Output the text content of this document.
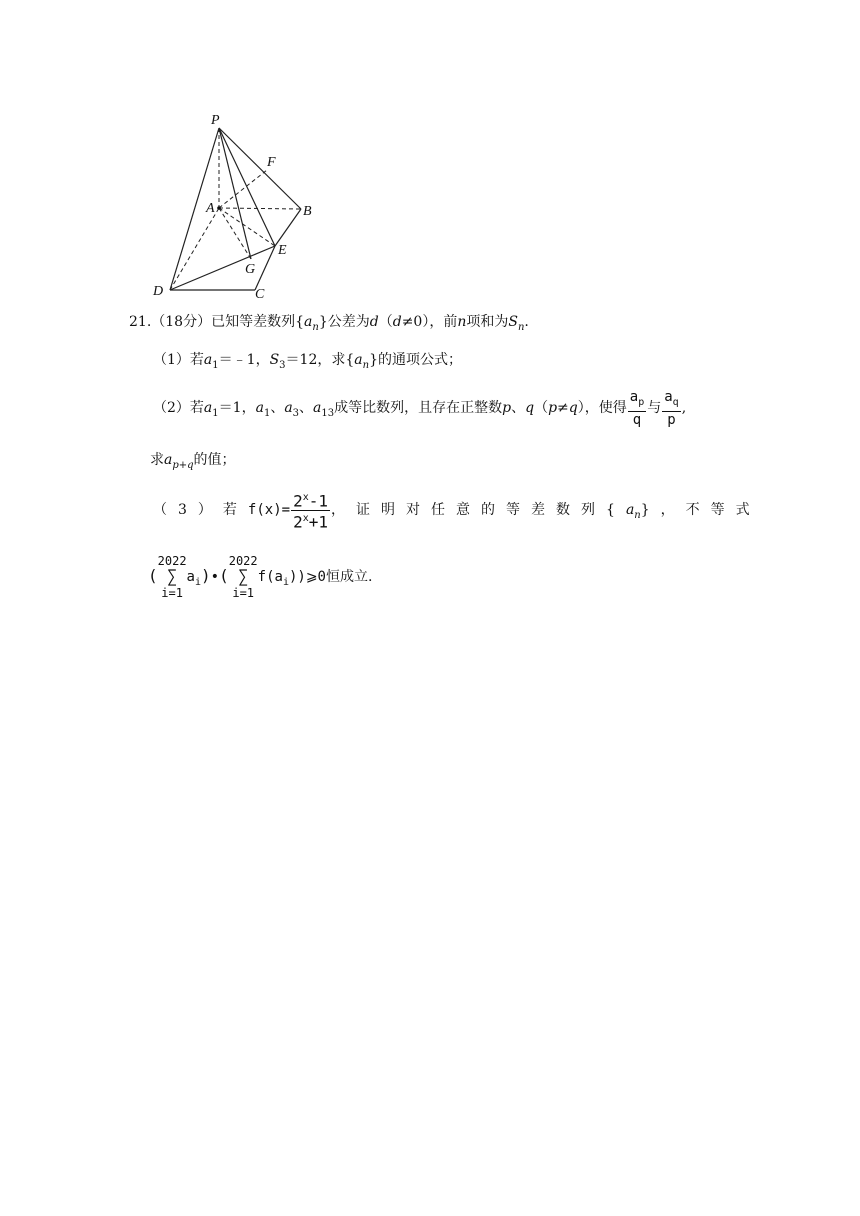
P
F
A	B
E
G
D	C
21.（18分）已知等差数列$\{a_n\}$公差为d（d≠0），前n项和为$S_n$.
（1）若$a_1=﹣1$，$S_3=12$，求$\{a_n\}$的通项公式；
（2）若$a_1=1$，$a_1$、$a_3$、$a_{13}$成等比数列，且存在正整数p、q（p≠q），使得 $\frac{a_p}{q}$ 与 $\frac{a_q}{p}$ ,
求$a_{p+q}$的值；
（3）若$f(x)= \frac{2^x-1}{2^x+1}$ ，证明对任意的等差数列$\{a_n\}$，不等式
(
2022
∑
i=1
$a_i)•$(
2022
∑
i=1
$f(a_i))⩾0$恒成立.
